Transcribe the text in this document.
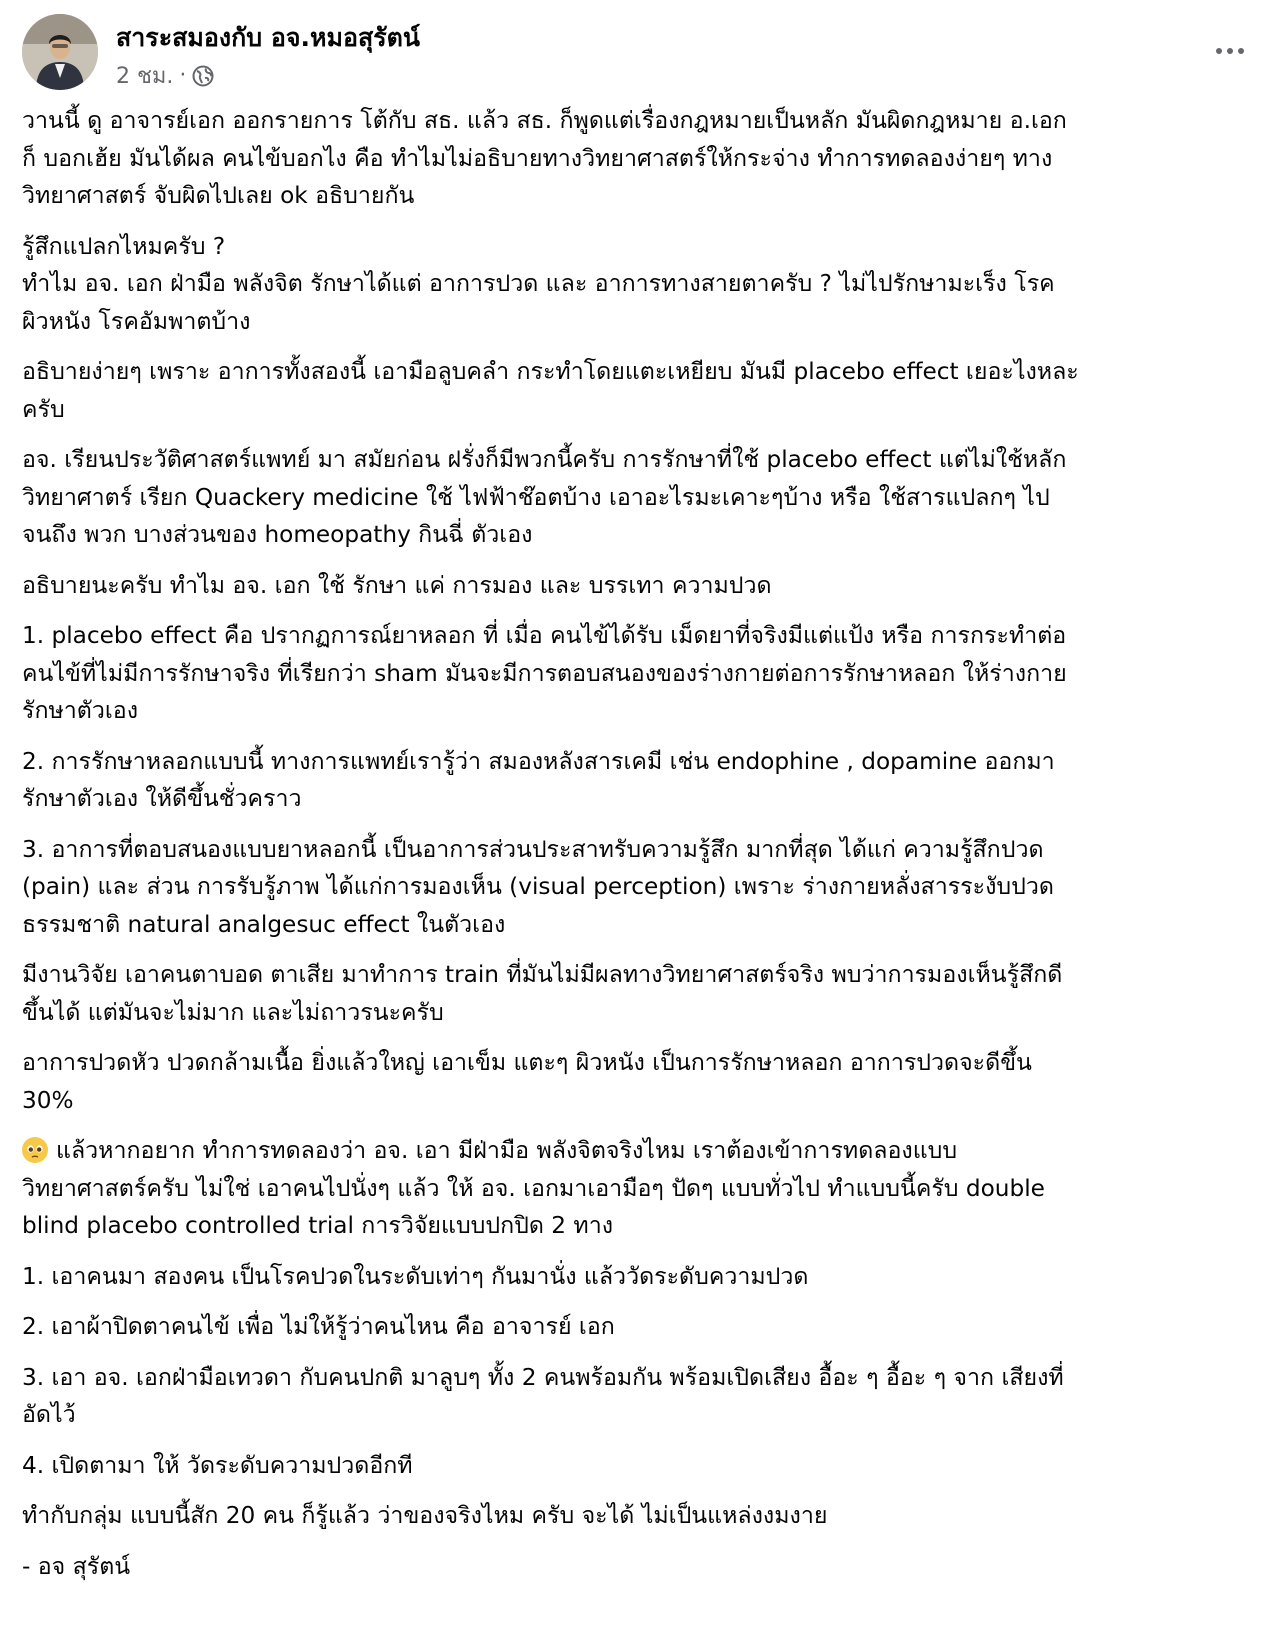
สาระสมองกับ อจ.หมอสุรัตน์
2 ชม. ·

วานนี้ ดู อาจารย์เอก ออกรายการ โต้กับ สธ. แล้ว สธ. ก็พูดแต่เรื่องกฎหมายเป็นหลัก มันผิดกฎหมาย อ.เอก
ก็ บอกเฮ้ย มันได้ผล คนไข้บอกไง คือ ทำไมไม่อธิบายทางวิทยาศาสตร์ให้กระจ่าง ทำการทดลองง่ายๆ ทาง
วิทยาศาสตร์ จับผิดไปเลย ok อธิบายกัน

รู้สึกแปลกไหมครับ ?
ทำไม อจ. เอก ฝ่ามือ พลังจิต รักษาได้แต่ อาการปวด และ อาการทางสายตาครับ ? ไม่ไปรักษามะเร็ง โรค
ผิวหนัง โรคอัมพาตบ้าง

อธิบายง่ายๆ เพราะ อาการทั้งสองนี้ เอามือลูบคลำ กระทำโดยแตะเหยียบ มันมี placebo effect เยอะไงหละ
ครับ

อจ. เรียนประวัติศาสตร์แพทย์ มา สมัยก่อน ฝรั่งก็มีพวกนี้ครับ การรักษาที่ใช้ placebo effect แต่ไม่ใช้หลัก
วิทยาศาตร์ เรียก Quackery medicine ใช้ ไฟฟ้าช๊อตบ้าง เอาอะไรมะเคาะๆบ้าง หรือ ใช้สารแปลกๆ ไป
จนถึง พวก บางส่วนของ homeopathy กินฉี่ ตัวเอง

อธิบายนะครับ ทำไม อจ. เอก ใช้ รักษา แค่ การมอง และ บรรเทา ความปวด

1. placebo effect คือ ปรากฏการณ์ยาหลอก ที่ เมื่อ คนไข้ได้รับ เม็ดยาที่จริงมีแต่แป้ง หรือ การกระทำต่อ
คนไข้ที่ไม่มีการรักษาจริง ที่เรียกว่า sham มันจะมีการตอบสนองของร่างกายต่อการรักษาหลอก ให้ร่างกาย
รักษาตัวเอง

2. การรักษาหลอกแบบนี้ ทางการแพทย์เรารู้ว่า สมองหลังสารเคมี เช่น endophine , dopamine ออกมา
รักษาตัวเอง ให้ดีขึ้นชั่วคราว

3. อาการที่ตอบสนองแบบยาหลอกนี้ เป็นอาการส่วนประสาทรับความรู้สึก มากที่สุด ได้แก่ ความรู้สึกปวด
(pain) และ ส่วน การรับรู้ภาพ ได้แก่การมองเห็น (visual perception) เพราะ ร่างกายหลั่งสารระงับปวด
ธรรมชาติ natural analgesuc effect ในตัวเอง

มีงานวิจัย เอาคนตาบอด ตาเสีย มาทำการ train ที่มันไม่มีผลทางวิทยาศาสตร์จริง พบว่าการมองเห็นรู้สึกดี
ขึ้นได้ แต่มันจะไม่มาก และไม่ถาวรนะครับ

อาการปวดหัว ปวดกล้ามเนื้อ ยิ่งแล้วใหญ่ เอาเข็ม แตะๆ ผิวหนัง เป็นการรักษาหลอก อาการปวดจะดีขึ้น
30%

แล้วหากอยาก ทำการทดลองว่า อจ. เอา มีฝ่ามือ พลังจิตจริงไหม เราต้องเข้าการทดลองแบบ
วิทยาศาสตร์ครับ ไม่ใช่ เอาคนไปนั่งๆ แล้ว ให้ อจ. เอกมาเอามือๆ ปัดๆ แบบทั่วไป ทำแบบนี้ครับ double
blind placebo controlled trial การวิจัยแบบปกปิด 2 ทาง

1. เอาคนมา สองคน เป็นโรคปวดในระดับเท่าๆ กันมานั่ง แล้ววัดระดับความปวด

2. เอาผ้าปิดตาคนไข้ เพื่อ ไม่ให้รู้ว่าคนไหน คือ อาจารย์ เอก

3. เอา อจ. เอกฝ่ามือเทวดา กับคนปกติ มาลูบๆ ทั้ง 2 คนพร้อมกัน พร้อมเปิดเสียง อื้อะ ๆ อื้อะ ๆ จาก เสียงที่
อัดไว้

4. เปิดตามา ให้ วัดระดับความปวดอีกที

ทำกับกลุ่ม แบบนี้สัก 20 คน ก็รู้แล้ว ว่าของจริงไหม ครับ จะได้ ไม่เป็นแหล่งงมงาย

- อจ สุรัตน์
